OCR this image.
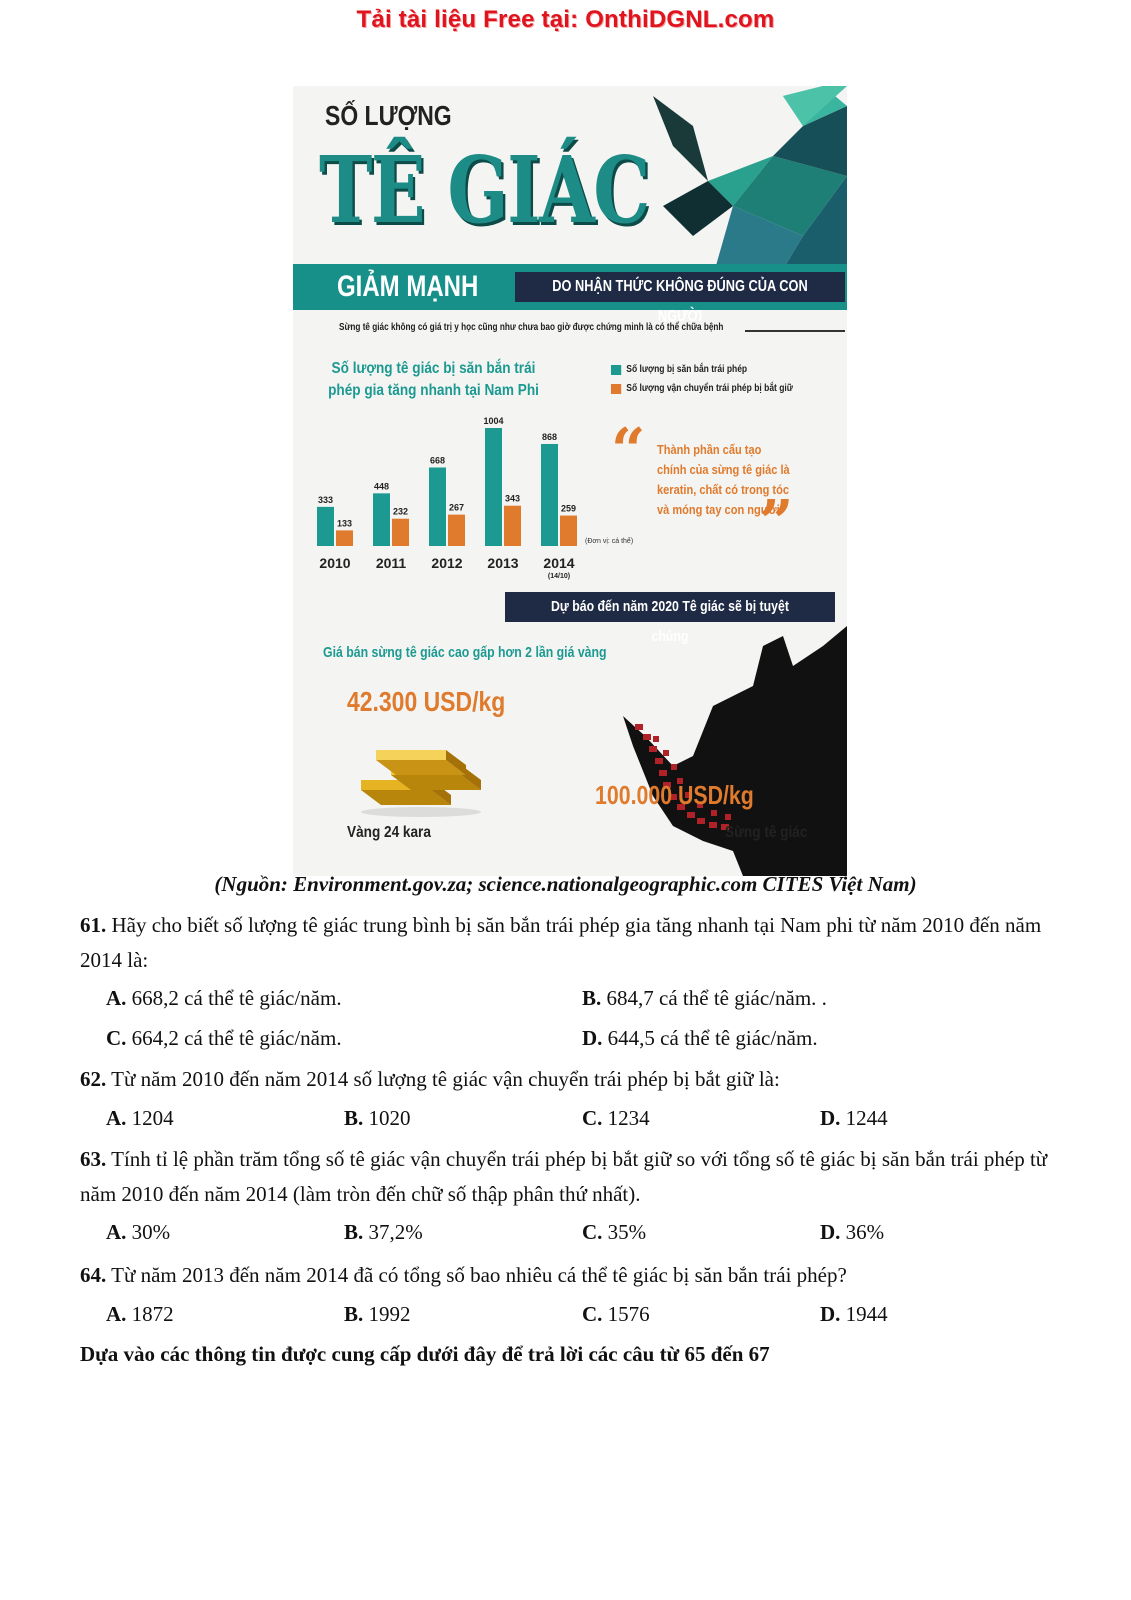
Tải tài liệu Free tại: OnthiDGNL.com
SỐ LƯỢNG
TÊ GIÁC
GIẢM MẠNH	DO NHẬN THỨC KHÔNG ĐÚNG CỦA CON NGƯỜI
Sừng tê giác không có giá trị y học cũng như chưa bao giờ được chứng minh là có thể chữa bệnh
Số lượng tê giác bị săn bắn trái phép gia tăng nhanh tại Nam Phi
Số lượng bị săn bắn trái phép
Số lượng vận chuyển trái phép bị bắt giữ
333
133
2010
448
232
2011
668
267
2012
1004
343
2013
868
259
2014
(14/10)
(Đơn vị: cá thể)
“ Thành phần cấu tạo chính của sừng tê giác là keratin, chất có trong tóc và móng tay con người.
”
Dự báo đến năm 2020 Tê giác sẽ bị tuyệt chủng
Giá bán sừng tê giác cao gấp hơn 2 lần giá vàng
42.300 USD/kg
Vàng 24 kara
100.000 USD/kg
Sừng tê giác
(Nguồn: Environment.gov.za; science.nationalgeographic.com CITES Việt Nam)
61. Hãy cho biết số lượng tê giác trung bình bị săn bắn trái phép gia tăng nhanh tại Nam phi từ năm 2010 đến năm 2014 là:
A. 668,2 cá thể tê giác/năm.	B. 684,7 cá thể tê giác/năm. .
C. 664,2 cá thể tê giác/năm.	D. 644,5 cá thể tê giác/năm.
62. Từ năm 2010 đến năm 2014 số lượng tê giác vận chuyển trái phép bị bắt giữ là:
A. 1204	B. 1020	C. 1234	D. 1244
63. Tính tỉ lệ phần trăm tổng số tê giác vận chuyển trái phép bị bắt giữ so với tổng số tê giác bị săn bắn trái phép từ năm 2010 đến năm 2014 (làm tròn đến chữ số thập phân thứ nhất).
A. 30%	B. 37,2%	C. 35%	D. 36%
64. Từ năm 2013 đến năm 2014 đã có tổng số bao nhiêu cá thể tê giác bị săn bắn trái phép?
A. 1872	B. 1992	C. 1576	D. 1944
Dựa vào các thông tin được cung cấp dưới đây để trả lời các câu từ 65 đến 67
